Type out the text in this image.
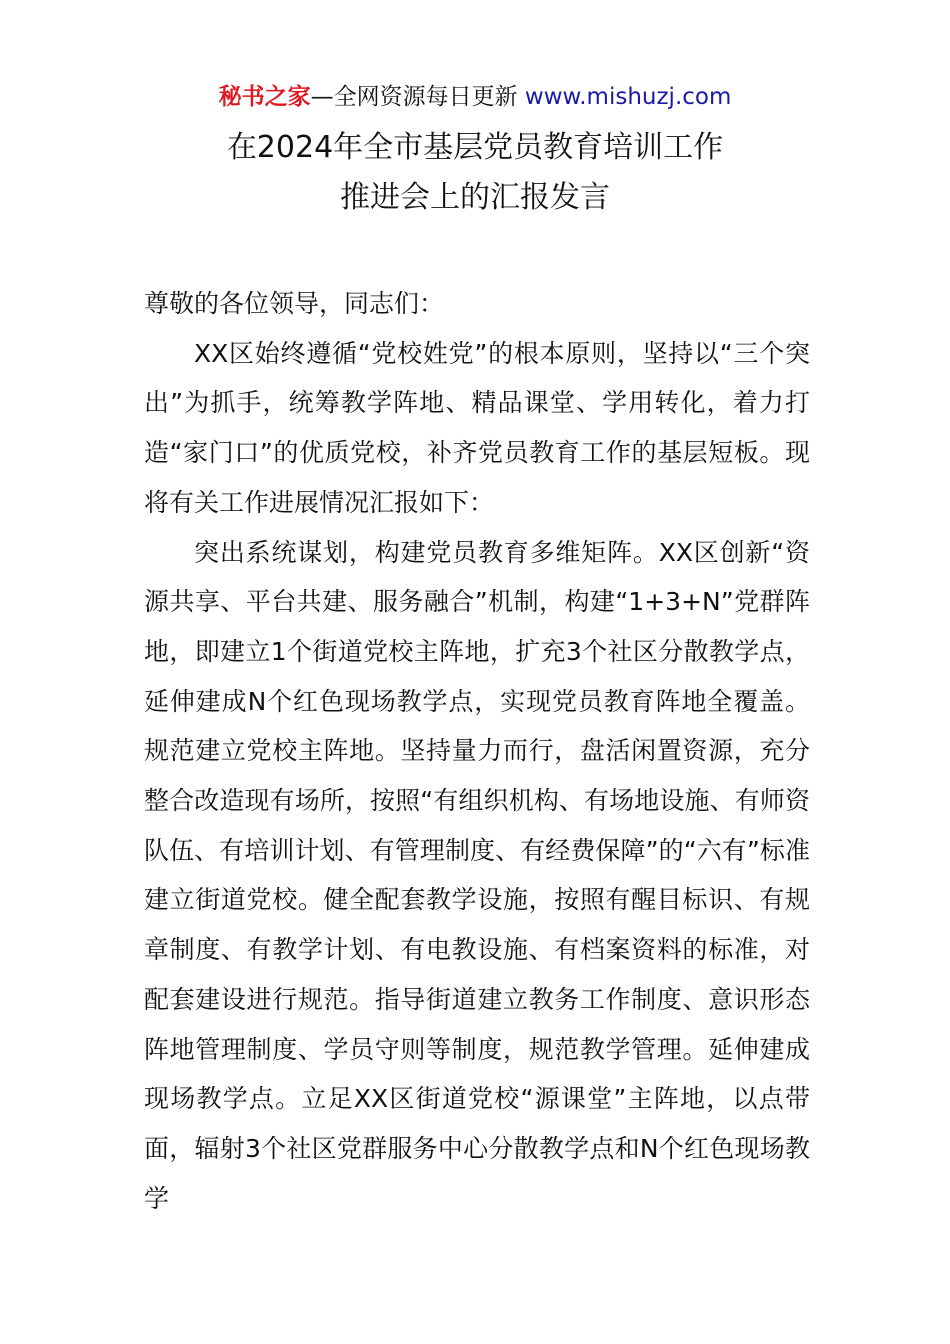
秘书之家—全网资源每日更新 www.mishuzj.com
在2024年全市基层党员教育培训工作
推进会上的汇报发言

尊敬的各位领导，同志们：

XX区始终遵循“党校姓党”的根本原则，坚持以“三个突出”为抓手，统筹教学阵地、精品课堂、学用转化，着力打造“家门口”的优质党校，补齐党员教育工作的基层短板。现将有关工作进展情况汇报如下：

突出系统谋划，构建党员教育多维矩阵。XX区创新“资源共享、平台共建、服务融合”机制，构建“1+3+N”党群阵地，即建立1个街道党校主阵地，扩充3个社区分散教学点，延伸建成N个红色现场教学点，实现党员教育阵地全覆盖。规范建立党校主阵地。坚持量力而行，盘活闲置资源，充分整合改造现有场所，按照“有组织机构、有场地设施、有师资队伍、有培训计划、有管理制度、有经费保障”的“六有”标准建立街道党校。健全配套教学设施，按照有醒目标识、有规章制度、有教学计划、有电教设施、有档案资料的标准，对配套建设进行规范。指导街道建立教务工作制度、意识形态阵地管理制度、学员守则等制度，规范教学管理。延伸建成现场教学点。立足XX区街道党校“源课堂”主阵地，以点带面，辐射3个社区党群服务中心分散教学点和N个红色现场教学
